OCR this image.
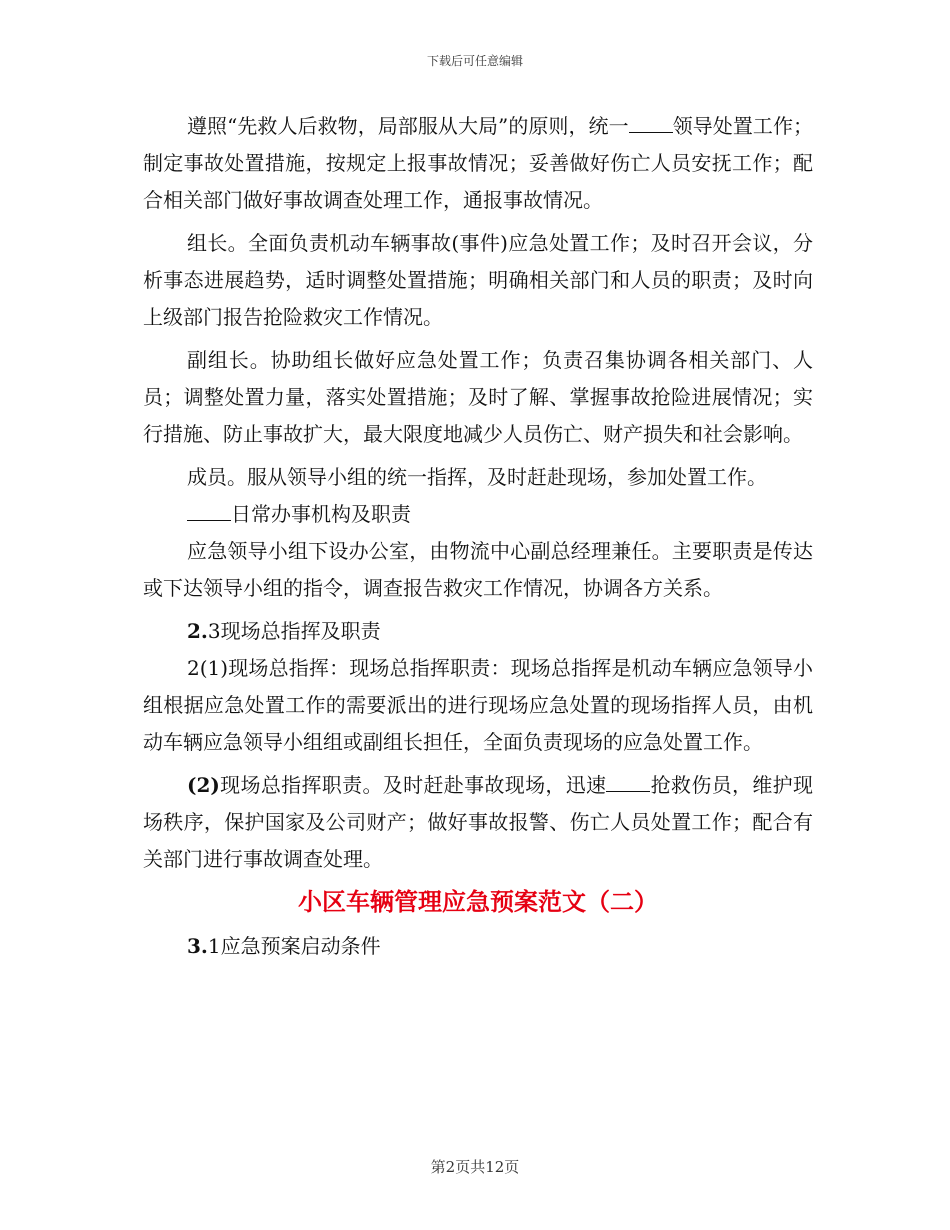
下载后可任意编辑

遵照“先救人后救物，局部服从大局”的原则，统一 领导处置工作；制定事故处置措施，按规定上报事故情况；妥善做好伤亡人员安抚工作；配合相关部门做好事故调查处理工作，通报事故情况。

组长。全面负责机动车辆事故(事件)应急处置工作；及时召开会议，分析事态进展趋势，适时调整处置措施；明确相关部门和人员的职责；及时向上级部门报告抢险救灾工作情况。

副组长。协助组长做好应急处置工作；负责召集协调各相关部门、人员；调整处置力量，落实处置措施；及时了解、掌握事故抢险进展情况；实行措施、防止事故扩大，最大限度地减少人员伤亡、财产损失和社会影响。

成员。服从领导小组的统一指挥，及时赶赴现场，参加处置工作。

日常办事机构及职责

应急领导小组下设办公室，由物流中心副总经理兼任。主要职责是传达或下达领导小组的指令，调查报告救灾工作情况，协调各方关系。

2.3现场总指挥及职责

2(1)现场总指挥：现场总指挥职责：现场总指挥是机动车辆应急领导小组根据应急处置工作的需要派出的进行现场应急处置的现场指挥人员，由机动车辆应急领导小组组或副组长担任，全面负责现场的应急处置工作。

(2)现场总指挥职责。及时赶赴事故现场，迅速 抢救伤员，维护现场秩序，保护国家及公司财产；做好事故报警、伤亡人员处置工作；配合有关部门进行事故调查处理。

小区车辆管理应急预案范文（二）

3.1应急预案启动条件

第2页共12页
